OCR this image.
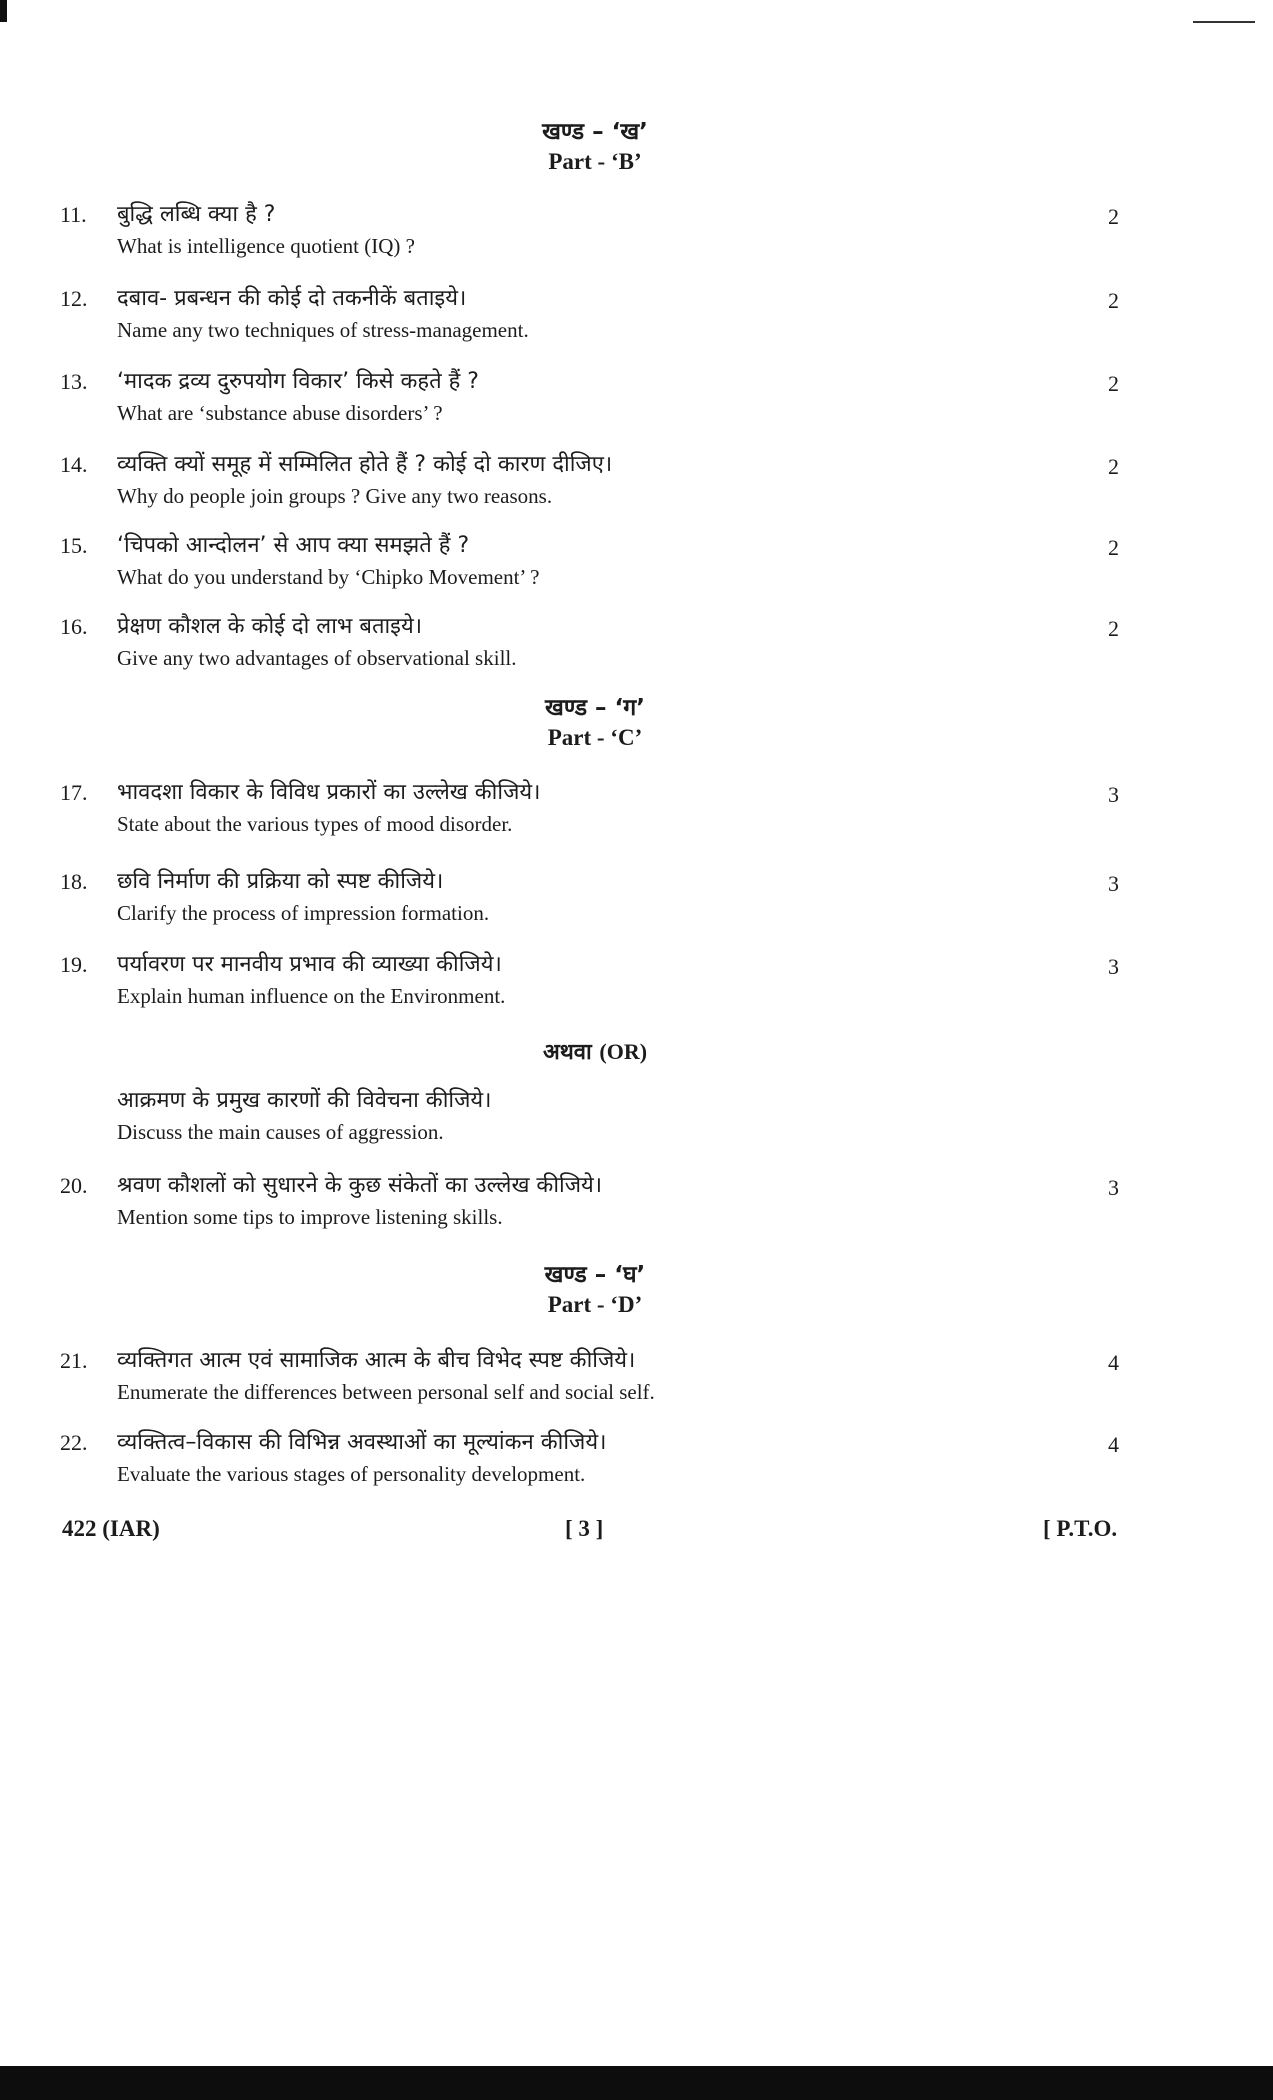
खण्ड – ‘ख’
Part - ‘B’
11. बुद्धि लब्धि क्या है ?
What is intelligence quotient (IQ) ?
2
12. दबाव- प्रबन्धन की कोई दो तकनीकें बताइये।
Name any two techniques of stress-management.
2
13. ‘मादक द्रव्य दुरुपयोग विकार’ किसे कहते हैं ?
What are ‘substance abuse disorders’ ?
2
14. व्यक्ति क्यों समूह में सम्मिलित होते हैं ? कोई दो कारण दीजिए।
Why do people join groups ? Give any two reasons.
2
15. ‘चिपको आन्दोलन’ से आप क्या समझते हैं ?
What do you understand by ‘Chipko Movement’ ?
2
16. प्रेक्षण कौशल के कोई दो लाभ बताइये।
Give any two advantages of observational skill.
2
खण्ड – ‘ग’
Part - ‘C’
17. भावदशा विकार के विविध प्रकारों का उल्लेख कीजिये।
State about the various types of mood disorder.
3
18. छवि निर्माण की प्रक्रिया को स्पष्ट कीजिये।
Clarify the process of impression formation.
3
19. पर्यावरण पर मानवीय प्रभाव की व्याख्या कीजिये।
Explain human influence on the Environment.
3
अथवा (OR)
आक्रमण के प्रमुख कारणों की विवेचना कीजिये।
Discuss the main causes of aggression.
20. श्रवण कौशलों को सुधारने के कुछ संकेतों का उल्लेख कीजिये।
Mention some tips to improve listening skills.
3
खण्ड – ‘घ’
Part - ‘D’
21. व्यक्तिगत आत्म एवं सामाजिक आत्म के बीच विभेद स्पष्ट कीजिये।
Enumerate the differences between personal self and social self.
4
22. व्यक्तित्व–विकास की विभिन्न अवस्थाओं का मूल्यांकन कीजिये।
Evaluate the various stages of personality development.
4
422 (IAR)	[ 3 ]	[ P.T.O.
